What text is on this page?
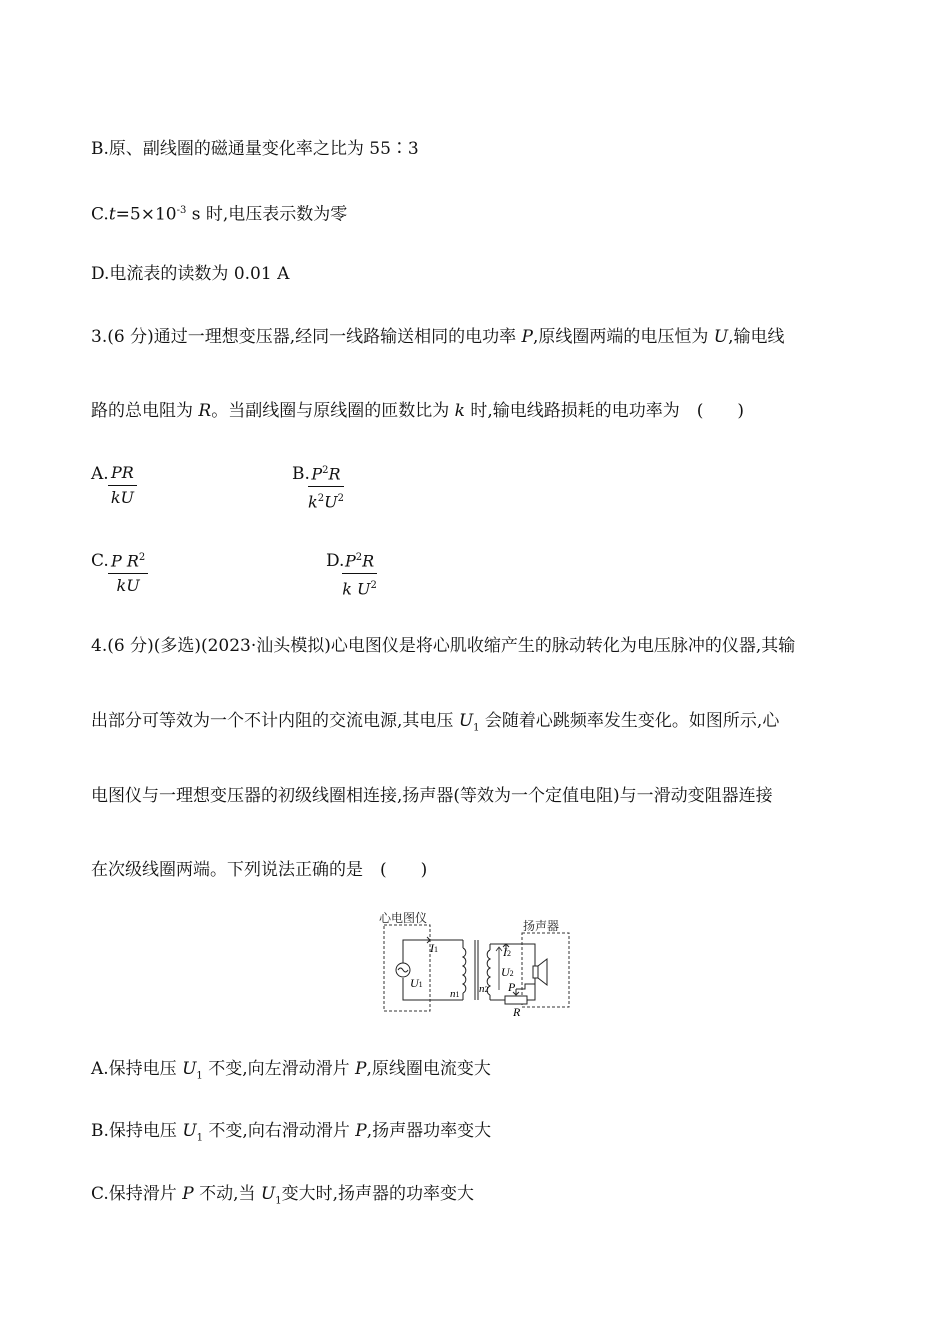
B.原、副线圈的磁通量变化率之比为 55∶3
$C.t=5\times 10^{-3}$ s 时,电压表示数为零
D.电流表的读数为 0.01 A
3.(6 分)通过一理想变压器,经同一线路输送相同的电功率 P,原线圈两端的电压恒为 U,输电线
路的总电阻为 R。当副线圈与原线圈的匝数比为 k 时,输电线路损耗的电功率为　(　　)
A. $\frac{PR}{kU}$	B.
$\frac{P^2R}{k^2U^2}$
C. $\frac{P R^2}{kU}$	D.
$\frac{P^2R}{k U^2}$
4.(6 分)(多选)(2023·汕头模拟)心电图仪是将心肌收缩产生的脉动转化为电压脉冲的仪器,其输
出部分可等效为一个不计内阻的交流电源,其电压 $U_1$ 会随着心跳频率发生变化。如图所示,心
电图仪与一理想变压器的初级线圈相连接,扬声器(等效为一个定值电阻)与一滑动变阻器连接
在次级线圈两端。下列说法正确的是　(　　)
心电图仪
扬声器
U1
I1
n1 n2
I2
U2
P
R
A.保持电压 $U_1$ 不变,向左滑动滑片 P,原线圈电流变大
B.保持电压 $U_1$ 不变,向右滑动滑片 P,扬声器功率变大
C.保持滑片 P 不动,当 $U_1$变大时,扬声器的功率变大
